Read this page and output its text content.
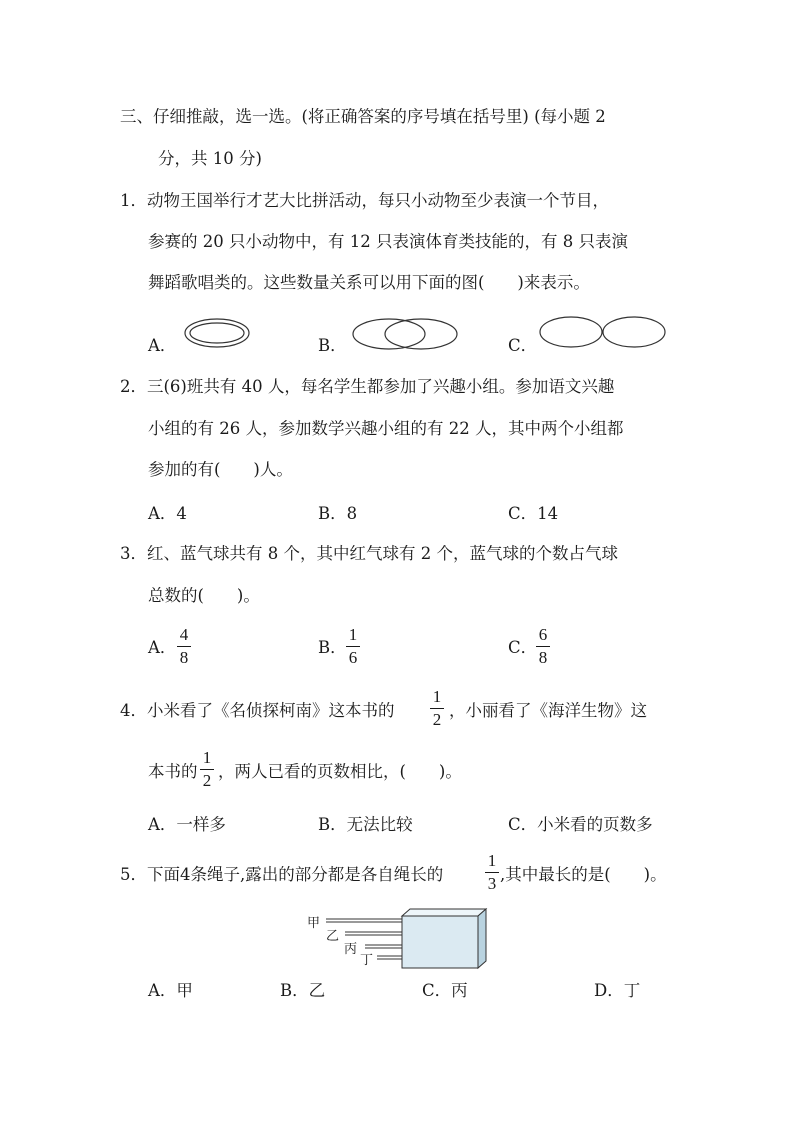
三、仔细推敲，选一选。(将正确答案的序号填在括号里) (每小题 2
分，共 10 分)
1．动物王国举行才艺大比拼活动，每只小动物至少表演一个节目，
参赛的 20 只小动物中，有 12 只表演体育类技能的，有 8 只表演
舞蹈歌唱类的。这些数量关系可以用下面的图(　　)来表示。
A．	B．	C．
2．三(6)班共有 40 人，每名学生都参加了兴趣小组。参加语文兴趣
小组的有 26 人，参加数学兴趣小组的有 22 人，其中两个小组都
参加的有(　　)人。
A．4	B．8	C．14
3．红、蓝气球共有 8 个，其中红气球有 2 个，蓝气球的个数占气球
总数的(　　)。
A．
4
8
B．
1
6
C．
6
8
4．小米看了《名侦探柯南》这本书的
1
2 ，小丽看了《海洋生物》这
本书的
1
2 ，两人已看的页数相比，(　　)。
A．一样多	B．无法比较	C．小米看的页数多
5．下面4条绳子,露出的部分都是各自绳长的
1
3 ,其中最长的是(　　)。
甲
乙
丙
丁
A．甲	B．乙	C．丙	D．丁
